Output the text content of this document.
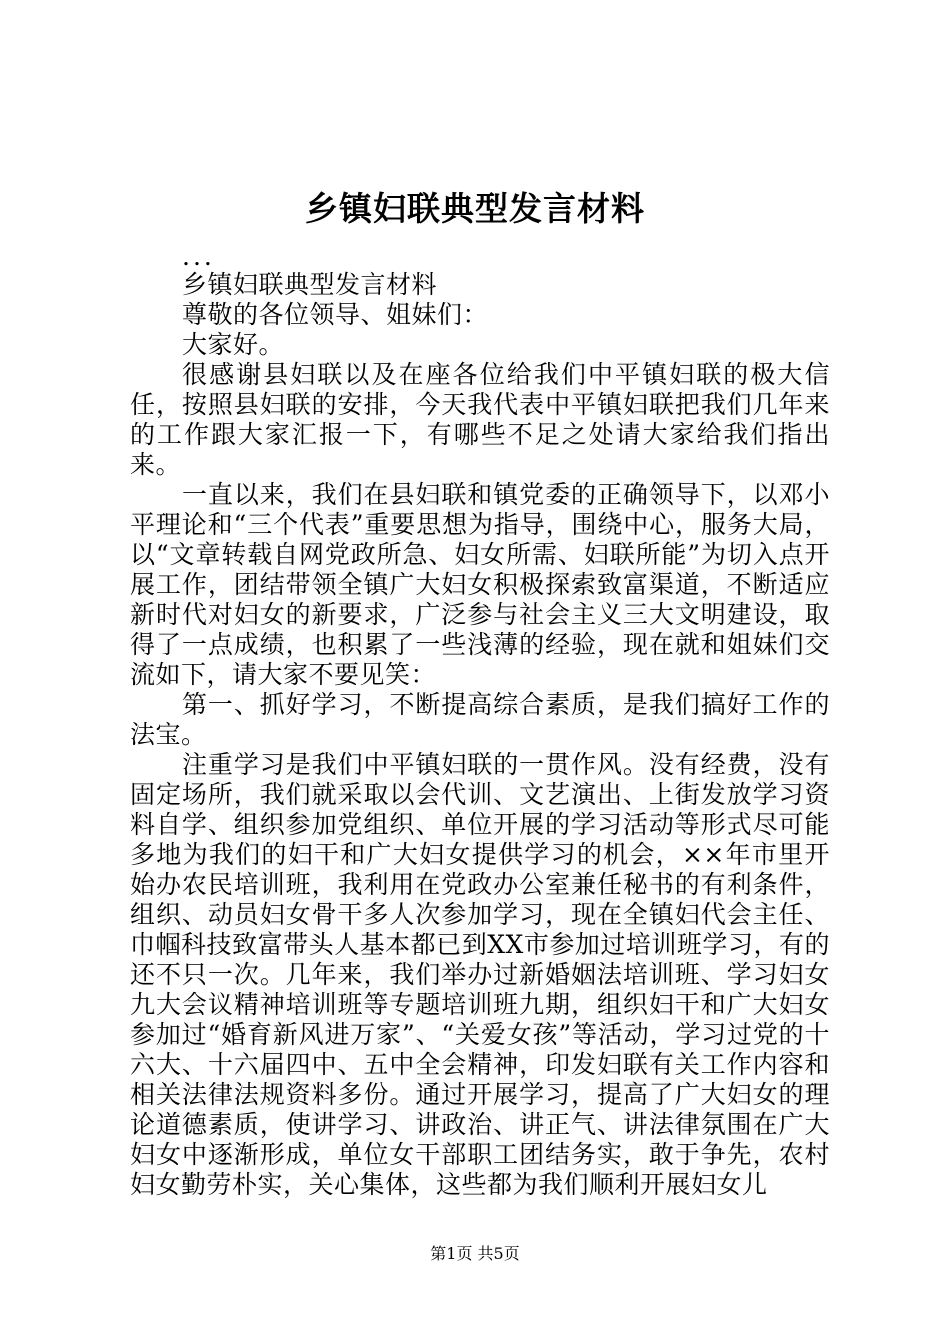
乡镇妇联典型发言材料

...

乡镇妇联典型发言材料

尊敬的各位领导、姐妹们：

大家好。

很感谢县妇联以及在座各位给我们中平镇妇联的极大信任，按照县妇联的安排，今天我代表中平镇妇联把我们几年来的工作跟大家汇报一下，有哪些不足之处请大家给我们指出来。

一直以来，我们在县妇联和镇党委的正确领导下，以邓小平理论和“三个代表”重要思想为指导，围绕中心，服务大局，以“文章转载自网党政所急、妇女所需、妇联所能”为切入点开展工作，团结带领全镇广大妇女积极探索致富渠道，不断适应新时代对妇女的新要求，广泛参与社会主义三大文明建设，取得了一点成绩，也积累了一些浅薄的经验，现在就和姐妹们交流如下，请大家不要见笑：

第一、抓好学习，不断提高综合素质，是我们搞好工作的法宝。

注重学习是我们中平镇妇联的一贯作风。没有经费，没有固定场所，我们就采取以会代训、文艺演出、上街发放学习资料自学、组织参加党组织、单位开展的学习活动等形式尽可能多地为我们的妇干和广大妇女提供学习的机会，××年市里开始办农民培训班，我利用在党政办公室兼任秘书的有利条件，组织、动员妇女骨干多人次参加学习，现在全镇妇代会主任、巾帼科技致富带头人基本都已到XX市参加过培训班学习，有的还不只一次。几年来，我们举办过新婚姻法培训班、学习妇女九大会议精神培训班等专题培训班九期，组织妇干和广大妇女参加过“婚育新风进万家”、“关爱女孩”等活动，学习过党的十六大、十六届四中、五中全会精神，印发妇联有关工作内容和相关法律法规资料多份。通过开展学习，提高了广大妇女的理论道德素质，使讲学习、讲政治、讲正气、讲法律氛围在广大妇女中逐渐形成，单位女干部职工团结务实，敢于争先，农村妇女勤劳朴实，关心集体，这些都为我们顺利开展妇女儿

第1页 共5页
